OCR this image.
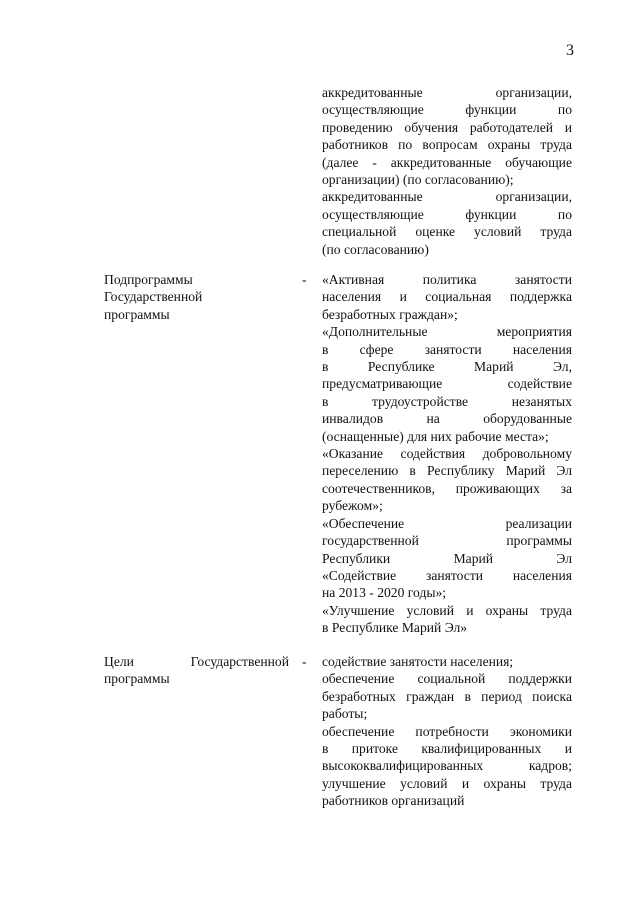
3

аккредитованные организации,

осуществляющие функции по

проведению обучения работодателей и

работников по вопросам охраны труда

(далее - аккредитованные обучающие

организации) (по согласованию);

аккредитованные организации,

осуществляющие функции по

специальной оценке условий труда

(по согласованию)

Подпрограммы
Государственной
программы
- «Активная политика занятости

населения и социальная поддержка

безработных граждан»;

«Дополнительные мероприятия

в сфере занятости населения

в Республике Марий Эл,

предусматривающие содействие

в трудоустройстве незанятых

инвалидов на оборудованные

(оснащенные) для них рабочие места»;

«Оказание содействия добровольному

переселению в Республику Марий Эл

соотечественников, проживающих за

рубежом»;

«Обеспечение реализации

государственной программы

Республики Марий Эл

«Содействие занятости населения

на 2013 - 2020 годы»;

«Улучшение условий и охраны труда

в Республике Марий Эл»

Цели Государственной
программы
- содействие занятости населения;

обеспечение социальной поддержки

безработных граждан в период поиска

работы;

обеспечение потребности экономики

в притоке квалифицированных и

высококвалифицированных кадров;

улучшение условий и охраны труда

работников организаций
